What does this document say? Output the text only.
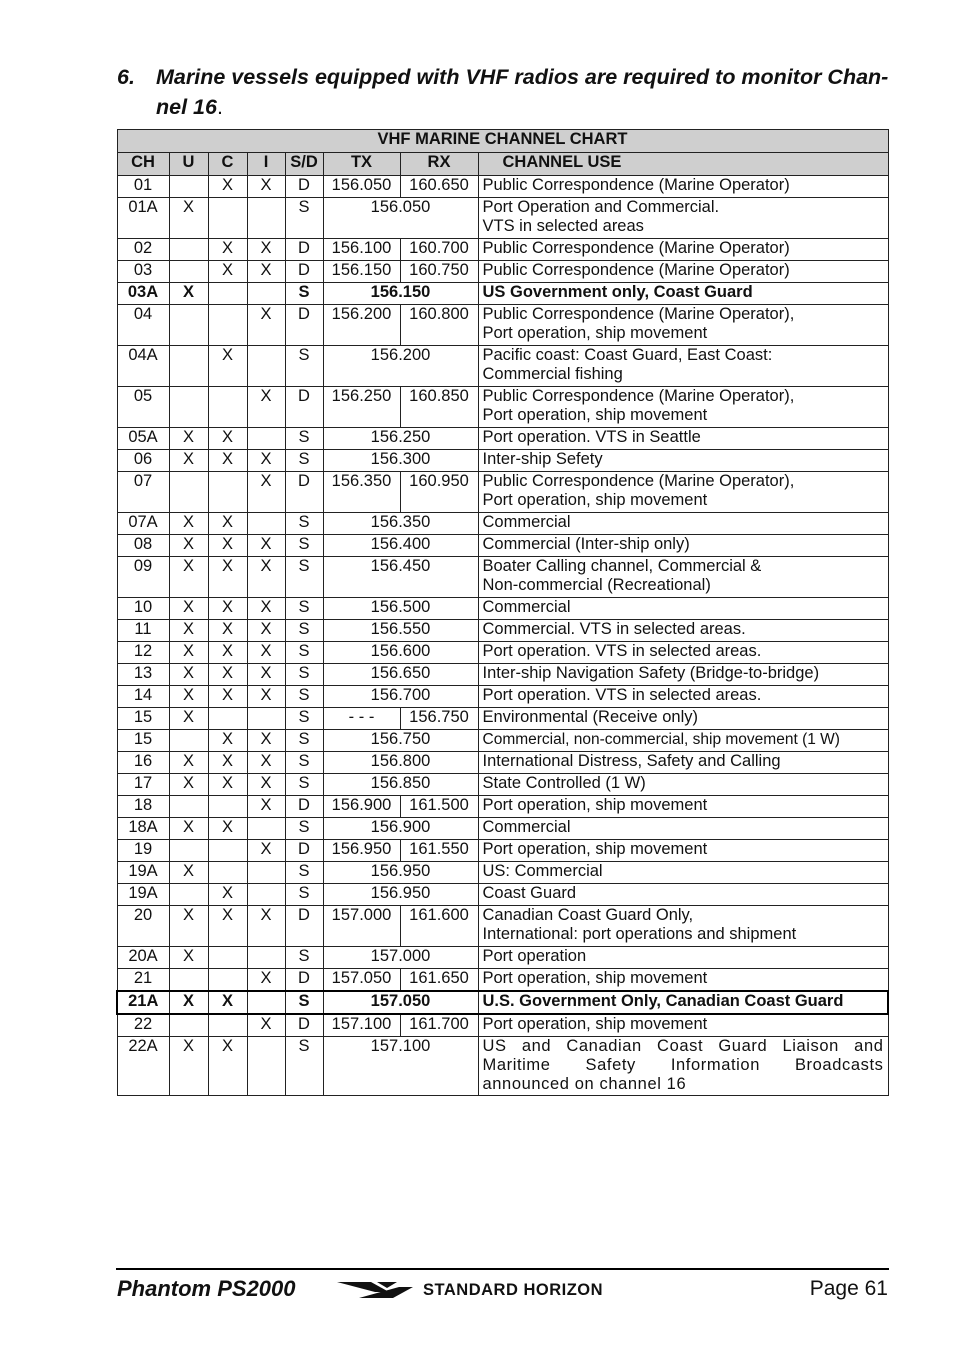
6. Marine vessels equipped with VHF radios are required to monitor Chan-nel 16.
VHF MARINE CHANNEL CHART							
CH	U	C	I	S/D	TX	RX	CHANNEL USE
01		X	X	D	156.050	160.650	Public Correspondence (Marine Operator)
01A	X			S	156.050		Port Operation and Commercial.
VTS in selected areas
02		X	X	D	156.100	160.700	Public Correspondence (Marine Operator)
03		X	X	D	156.150	160.750	Public Correspondence (Marine Operator)
03A	X			S	156.150		US Government only, Coast Guard
04			X	D	156.200	160.800	Public Correspondence (Marine Operator),
Port operation, ship movement
04A		X		S	156.200		Pacific coast: Coast Guard, East Coast:
Commercial fishing
05			X	D	156.250	160.850	Public Correspondence (Marine Operator),
Port operation, ship movement
05A	X	X		S	156.250		Port operation. VTS in Seattle
06	X	X	X	S	156.300		Inter-ship Sefety
07			X	D	156.350	160.950	Public Correspondence (Marine Operator),
Port operation, ship movement
07A	X	X		S	156.350		Commercial
08	X	X	X	S	156.400		Commercial (Inter-ship only)
09	X	X	X	S	156.450		Boater Calling channel, Commercial &
Non-commercial (Recreational)
10	X	X	X	S	156.500		Commercial
11	X	X	X	S	156.550		Commercial. VTS in selected areas.
12	X	X	X	S	156.600		Port operation. VTS in selected areas.
13	X	X	X	S	156.650		Inter-ship Navigation Safety (Bridge-to-bridge)
14	X	X	X	S	156.700		Port operation. VTS in selected areas.
15	X			S	- - -	156.750	Environmental (Receive only)
15		X	X	S	156.750		Commercial, non-commercial, ship movement (1 W)
16	X	X	X	S	156.800		International Distress, Safety and Calling
17	X	X	X	S	156.850		State Controlled (1 W)
18			X	D	156.900	161.500	Port operation, ship movement
18A	X	X		S	156.900		Commercial
19			X	D	156.950	161.550	Port operation, ship movement
19A	X			S	156.950		US: Commercial
19A		X		S	156.950		Coast Guard
20	X	X	X	D	157.000	161.600	Canadian Coast Guard Only,
International: port operations and shipment
20A	X			S	157.000		Port operation
21			X	D	157.050	161.650	Port operation, ship movement
21A	X	X		S	157.050		U.S. Government Only, Canadian Coast Guard
22			X	D	157.100	161.700	Port operation, ship movement
22A	X	X		S	157.100		US and Canadian Coast Guard Liaison and Maritime Safety Information Broadcasts announced on channel 16
Phantom PS2000	STANDARD HORIZON	Page 61
